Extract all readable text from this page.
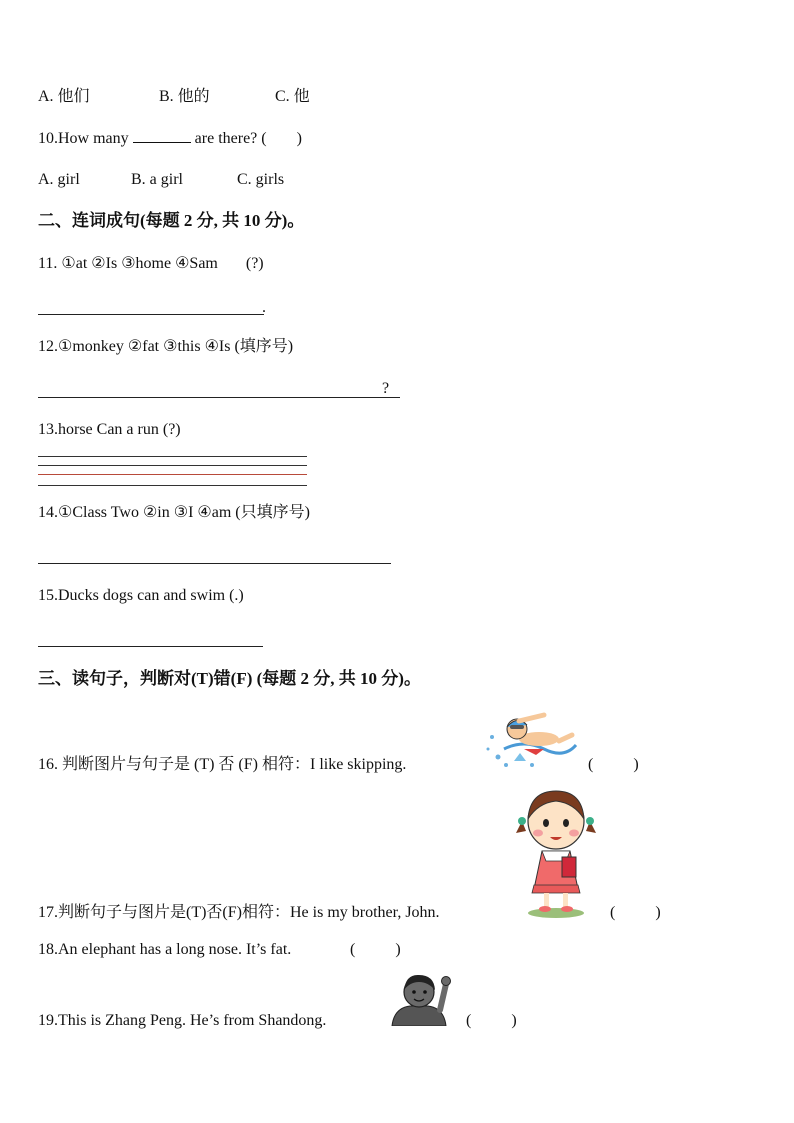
A. 他们	B. 他的	C. 他
10.How many	are there? ( )
A. girl	B. a girl	C. girls
二、连词成句(每题 2 分, 共 10 分)。
11. ①at ②Is ③home ④Sam (?)
.
12.①monkey ②fat ③this ④Is (填序号)
?
13.horse Can a run (?)
14.①Class Two ②in ③I ④am (只填序号)
15.Ducks dogs can and swim (.)
三、读句子，判断对(T)错(F) (每题 2 分, 共 10 分)。
16. 判断图片与句子是 (T) 否 (F) 相符：I like skipping.	(          )
17.判断句子与图片是(T)否(F)相符：He is my brother, John.	(          )
18.An elephant has a long nose. It’s fat.	(          )
19.This is Zhang Peng. He’s from Shandong.	(          )
